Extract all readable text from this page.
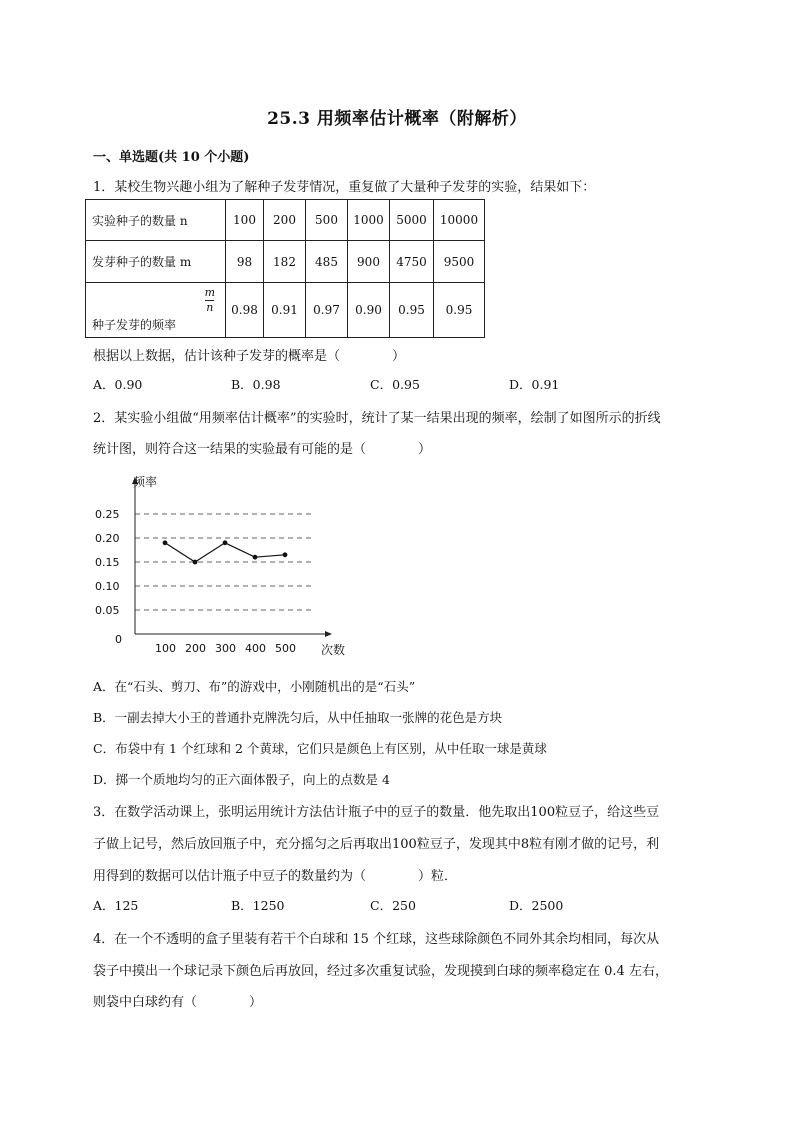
25.3 用频率估计概率（附解析）
一、单选题(共 10 个小题)
1．某校生物兴趣小组为了解种子发芽情况，重复做了大量种子发芽的实验，结果如下：
实验种子的数量 n	100	200	500	1000	5000	10000
发芽种子的数量 m	98	182	485	900	4750	9500

m
n
种子发芽的频率	0.98	0.91	0.97	0.90	0.95	0.95
根据以上数据，估计该种子发芽的概率是（　　　　）
A．0.90	B．0.98	C．0.95	D．0.91
2．某实验小组做“用频率估计概率”的实验时，统计了某一结果出现的频率，绘制了如图所示的折线
统计图，则符合这一结果的实验最有可能的是（　　　　）
频率
次数
0
0.05
0.10
0.15
0.20
0.25
100 200 300 400 500
A．在“石头、剪刀、布”的游戏中，小刚随机出的是“石头”
B．一副去掉大小王的普通扑克牌洗匀后，从中任抽取一张牌的花色是方块
C．布袋中有 1 个红球和 2 个黄球，它们只是颜色上有区别，从中任取一球是黄球
D．掷一个质地均匀的正六面体骰子，向上的点数是 4
3．在数学活动课上，张明运用统计方法估计瓶子中的豆子的数量．他先取出100粒豆子，给这些豆
子做上记号，然后放回瓶子中，充分摇匀之后再取出100粒豆子，发现其中8粒有刚才做的记号，利
用得到的数据可以估计瓶子中豆子的数量约为（　　　　）粒．
A．125	B．1250	C．250	D．2500
4．在一个不透明的盒子里装有若干个白球和 15 个红球，这些球除颜色不同外其余均相同，每次从
袋子中摸出一个球记录下颜色后再放回，经过多次重复试验，发现摸到白球的频率稳定在 0.4 左右，
则袋中白球约有（　　　　）
